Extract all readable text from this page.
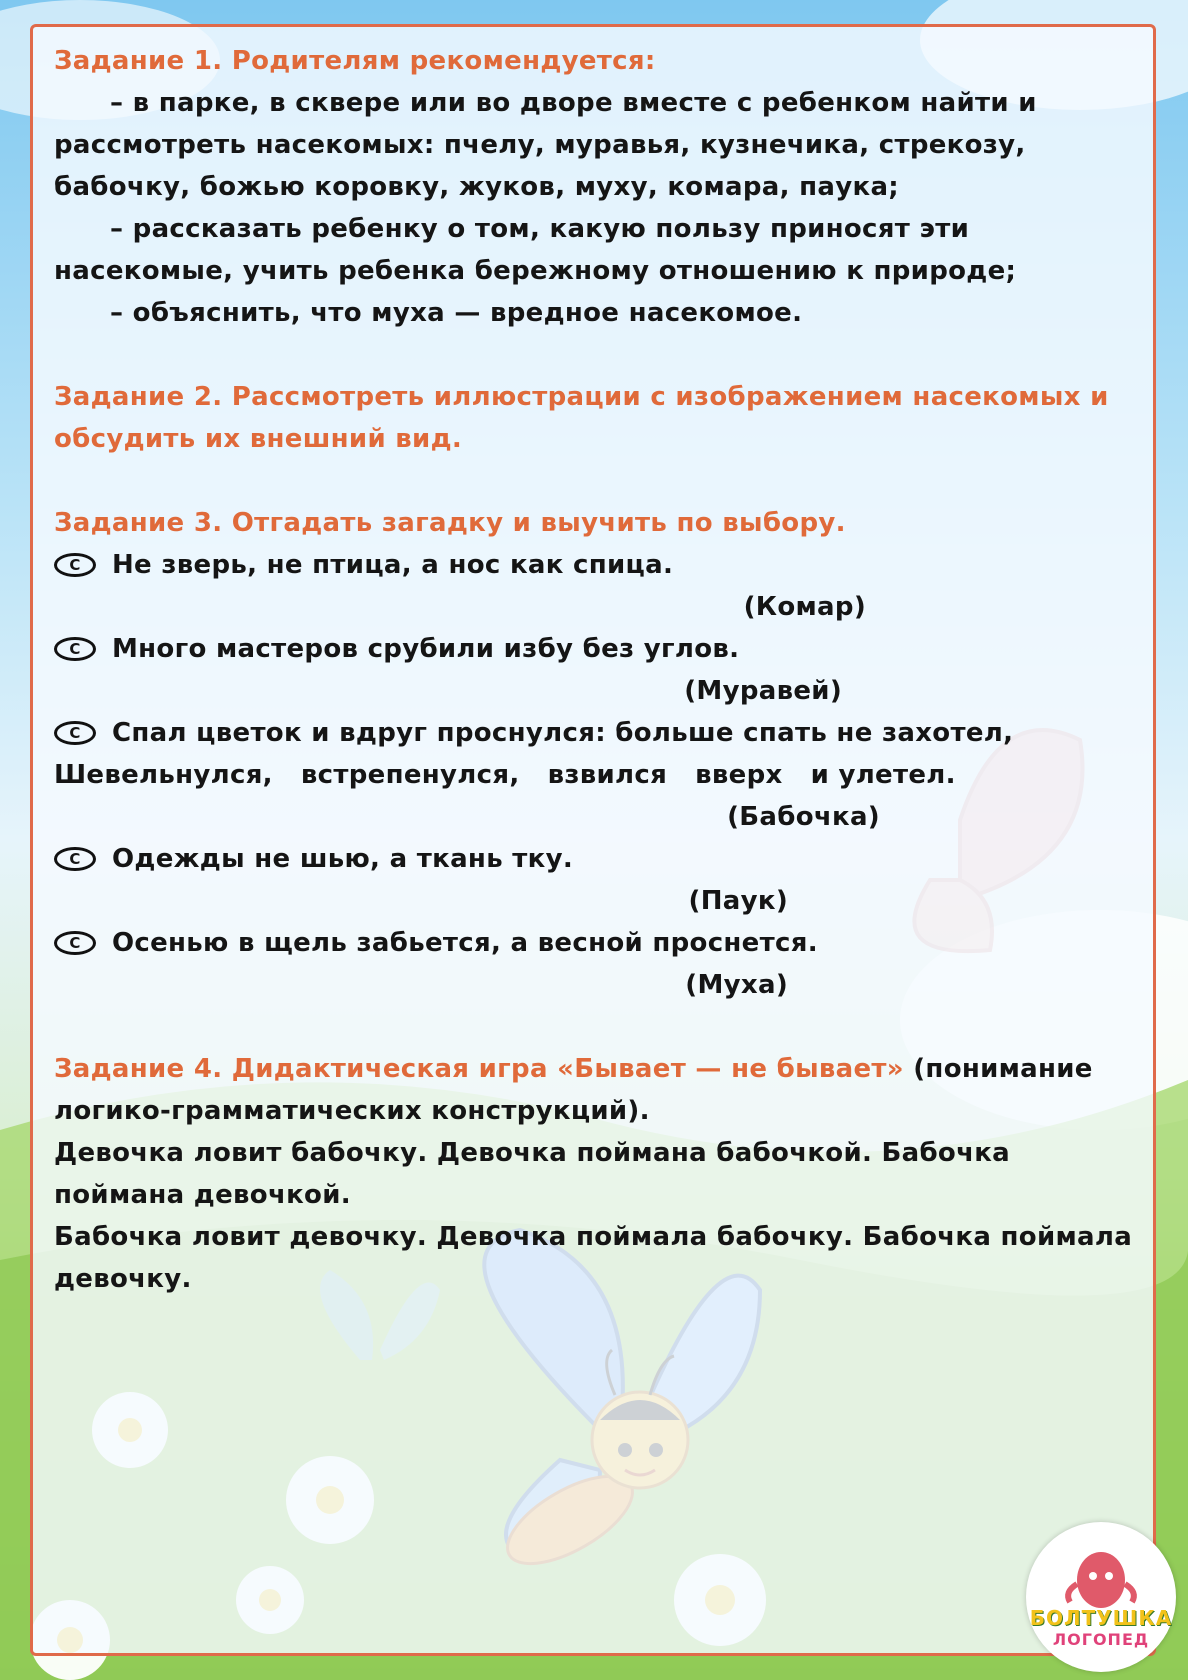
Задание 1. Родителям рекомендуется:

– в парке, в сквере или во дворе вместе с ребенком найти и рассмотреть насекомых: пчелу, муравья, кузнечика, стрекозу, бабочку, божью коровку, жуков, муху, комара, паука;

– рассказать ребенку о том, какую пользу приносят эти насекомые, учить ребенка бережному отношению к природе;

– объяснить, что муха — вредное насекомое.

Задание 2. Рассмотреть иллюстрации с изображением насекомых и обсудить их внешний вид.

Задание 3. Отгадать загадку и выучить по выбору.

C	Не зверь, не птица, а нос как спица.

(Комар)

C	Много мастеров срубили избу без углов.

(Муравей)

C	Спал цветок и вдруг проснулся: больше спать не захотел,

Шевельнулся,   встрепенулся,   взвился   вверх   и улетел.

(Бабочка)

C	Одежды не шью, а ткань тку.

(Паук)

C	Осенью в щель забьется, а весной проснется.

(Муха)

Задание 4. Дидактическая игра «Бывает — не бывает» (понимание логико-грамматических конструкций).

Девочка ловит бабочку. Девочка поймана бабочкой. Бабочка поймана девочкой.

Бабочка ловит девочку. Девочка поймала бабочку. Бабочка поймала девочку.

БОЛТУШКА
ЛОГОПЕД
